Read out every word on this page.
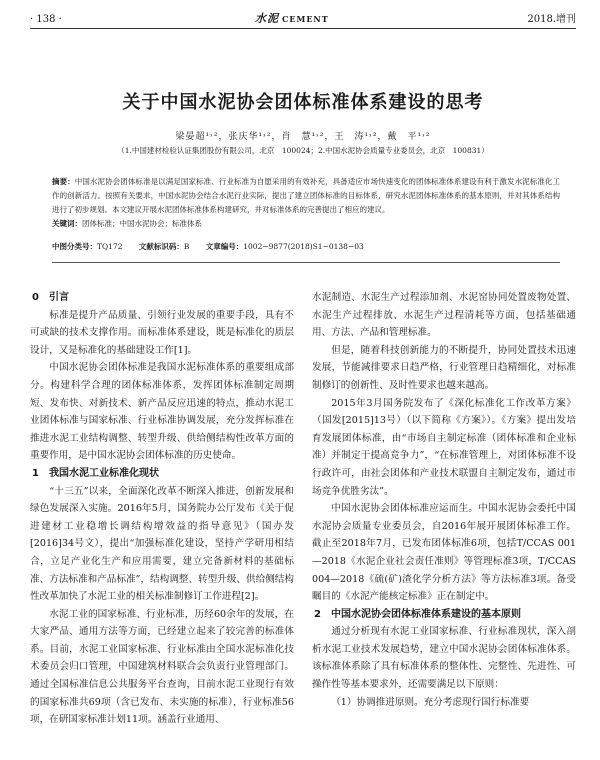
· 138 ·	水泥 CEMENT	2018.增刊
关于中国水泥协会团体标准体系建设的思考
梁晏超¹˒²，张庆华¹˒²，肖　慧¹˒²，王　涛¹˒²，戴　平¹˒²
（1.中国建材检验认证集团股份有限公司，北京　100024；2.中国水泥协会质量专业委员会，北京　100831）
摘要：中国水泥协会团体标准是以满足国家标准、行业标准为自愿采用的有效补充，具备适应市场快速变化的团体标准体系建设有利于激发水泥标准化工作的创新活力。按照有关要求，中国水泥协会结合水泥行业实际，提出了建立团体标准的目标体系，研究水泥团体标准体系的基本原则，并对其体系结构进行了初步规划。本文建议开展水泥团体标准体系构建研究，并对标准体系的完善提出了相应的建议。
关键词：团体标准；中国水泥协会；标准体系
中图分类号：TQ172 文献标识码：B 文章编号：1002−9877(2018)S1−0138−03
0　引言

标准是提升产品质量、引领行业发展的重要手段，具有不可或缺的技术支撑作用。而标准体系建设，既是标准化的质层设计，又是标准化的基础建设工作[1]。

中国水泥协会团体标准是我国水泥标准体系的重要组成部分。构建科学合理的团体标准体系，发挥团体标准制定周期短、发布快、对新技术、新产品反应迅速的特点，推动水泥工业团体标准与国家标准、行业标准协调发展，充分发挥标准在推进水泥工业结构调整、转型升级、供给侧结构性改革方面的重要作用，是中国水泥协会团体标准的历史使命。

1　我国水泥工业标准化现状

“十三五”以来，全面深化改革不断深入推进，创新发展和绿色发展深入实施。2016年5月，国务院办公厅发布《关于促进建材工业稳增长调结构增效益的指导意见》（国办发[2016]34号文），提出“加强标准化建设，坚持产学研用相结合，立足产业化生产和应用需要，建立完备新材料的基础标准、方法标准和产品标准”，结构调整、转型升级、供给侧结构性改革加快了水泥工业的相关标准制修订工作进程[2]。

水泥工业的国家标准、行业标准，历经60余年的发展，在大家严品、通用方法等方面，已经建立起来了较完善的标准体系。目前，水泥工业国家标准、行业标准由全国水泥标准化技术委员会归口管理，中国建筑材料联合会负责行业管理部门。通过全国标准信息公共服务平台查询，目前水泥工业现行有效的国家标准共69项（含已发布、未实施的标准），行业标准56项，在研国家标准计划11项。涵盖行业通用、

水泥制造、水泥生产过程添加剂、水泥窑协同处置废物处置、水泥生产过程排放、水泥生产过程清耗等方面，包括基础通用、方法、产品和管理标准。

但是，随着科技创新能力的不断提升，协同处置技术迅速发展，节能减排要求日趋严格，行业管理日趋精细化，对标准制修订的创新性、及时性要求也越来越高。

2015年3月国务院发布了《深化标准化工作改革方案》（国发[2015]13号）（以下简称《方案》）。《方案》提出发培育发展团体标准，由“市场自主制定标准（团体标准和企业标准）并制定于提高竞争力”，“在标准管理上，对团体标准不设行政许可，由社会团体和产业技术联盟自主制定发布，通过市场竞争优胜劣汰”。

中国水泥协会团体标准应运而生。中国水泥协会委托中国水泥协会质量专业委员会，自2016年展开展团体标准工作。截止至2018年7月，已发布团体标准6项，包括T/CCAS 001—2018《水泥企业社会责任准则》等管理标准3项，T/CCAS 004—2018《硫(矿)渣化学分析方法》等方法标准3项。备受瞩目的《水泥产能核定标准》正在制定中。

2　中国水泥协会团体标准体系建设的基本原则

通过分析现有水泥工业国家标准、行业标准现状，深入剖析水泥工业技术发展趋势，建立中国水泥协会团体标准体系。该标准体系除了具有标准体系的整体性、完整性、先进性、可操作性等基本要求外，还需要满足以下原则：

（1）协调推进原则。充分考虑现行国行标准要
